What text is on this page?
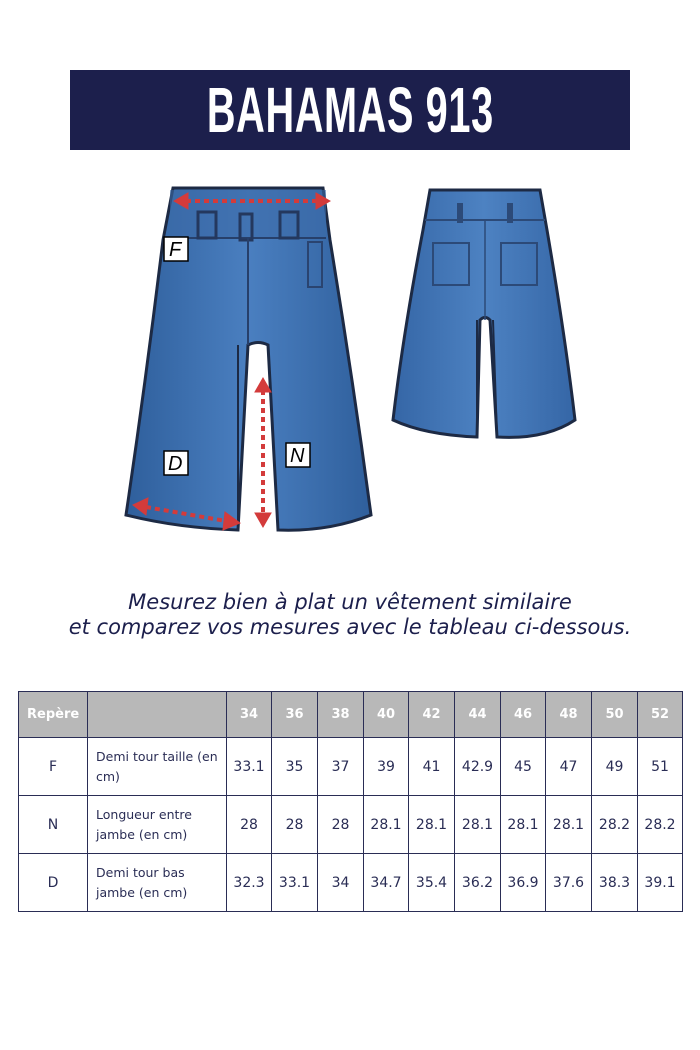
BAHAMAS 913
F
D	N
Mesurez bien à plat un vêtement similaire
et comparez vos mesures avec le tableau ci-dessous.
Repère		34	36	38	40	42	44	46	48	50	52
F	Demi tour taille (en cm)	33.1	35	37	39	41	42.9	45	47	49	51
N	Longueur entre jambe (en cm)	28	28	28	28.1	28.1	28.1	28.1	28.1	28.2	28.2
D	Demi tour bas jambe (en cm)	32.3	33.1	34	34.7	35.4	36.2	36.9	37.6	38.3	39.1
